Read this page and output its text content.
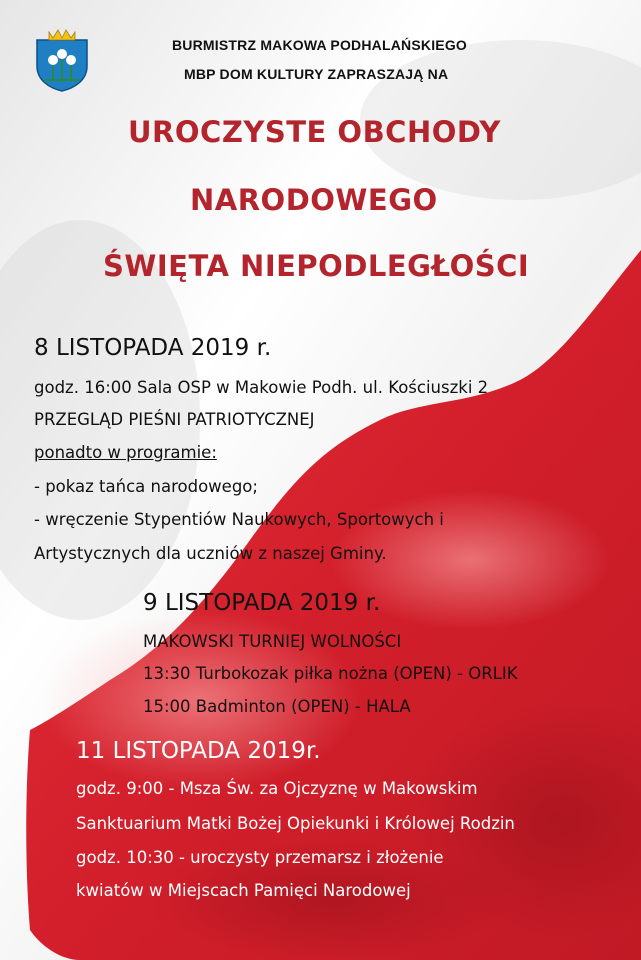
BURMISTRZ MAKOWA PODHALAŃSKIEGO
MBP DOM KULTURY ZAPRASZAJĄ NA
UROCZYSTE OBCHODY
NARODOWEGO
ŚWIĘTA NIEPODLEGŁOŚCI
8 LISTOPADA 2019 r.
godz. 16:00 Sala OSP w Makowie Podh. ul. Kościuszki 2
PRZEGLĄD PIEŚNI PATRIOTYCZNEJ
ponadto w programie:
- pokaz tańca narodowego;
- wręczenie Stypentiów Naukowych, Sportowych i
Artystycznych dla uczniów z naszej Gminy.
9 LISTOPADA 2019 r.
MAKOWSKI TURNIEJ WOLNOŚCI
13:30 Turbokozak piłka nożna (OPEN) - ORLIK
15:00 Badminton (OPEN) - HALA
11 LISTOPADA 2019r.
godz. 9:00 - Msza Św. za Ojczyznę w Makowskim
Sanktuarium Matki Bożej Opiekunki i Królowej Rodzin
godz. 10:30 - uroczysty przemarsz i złożenie
kwiatów w Miejscach Pamięci Narodowej
